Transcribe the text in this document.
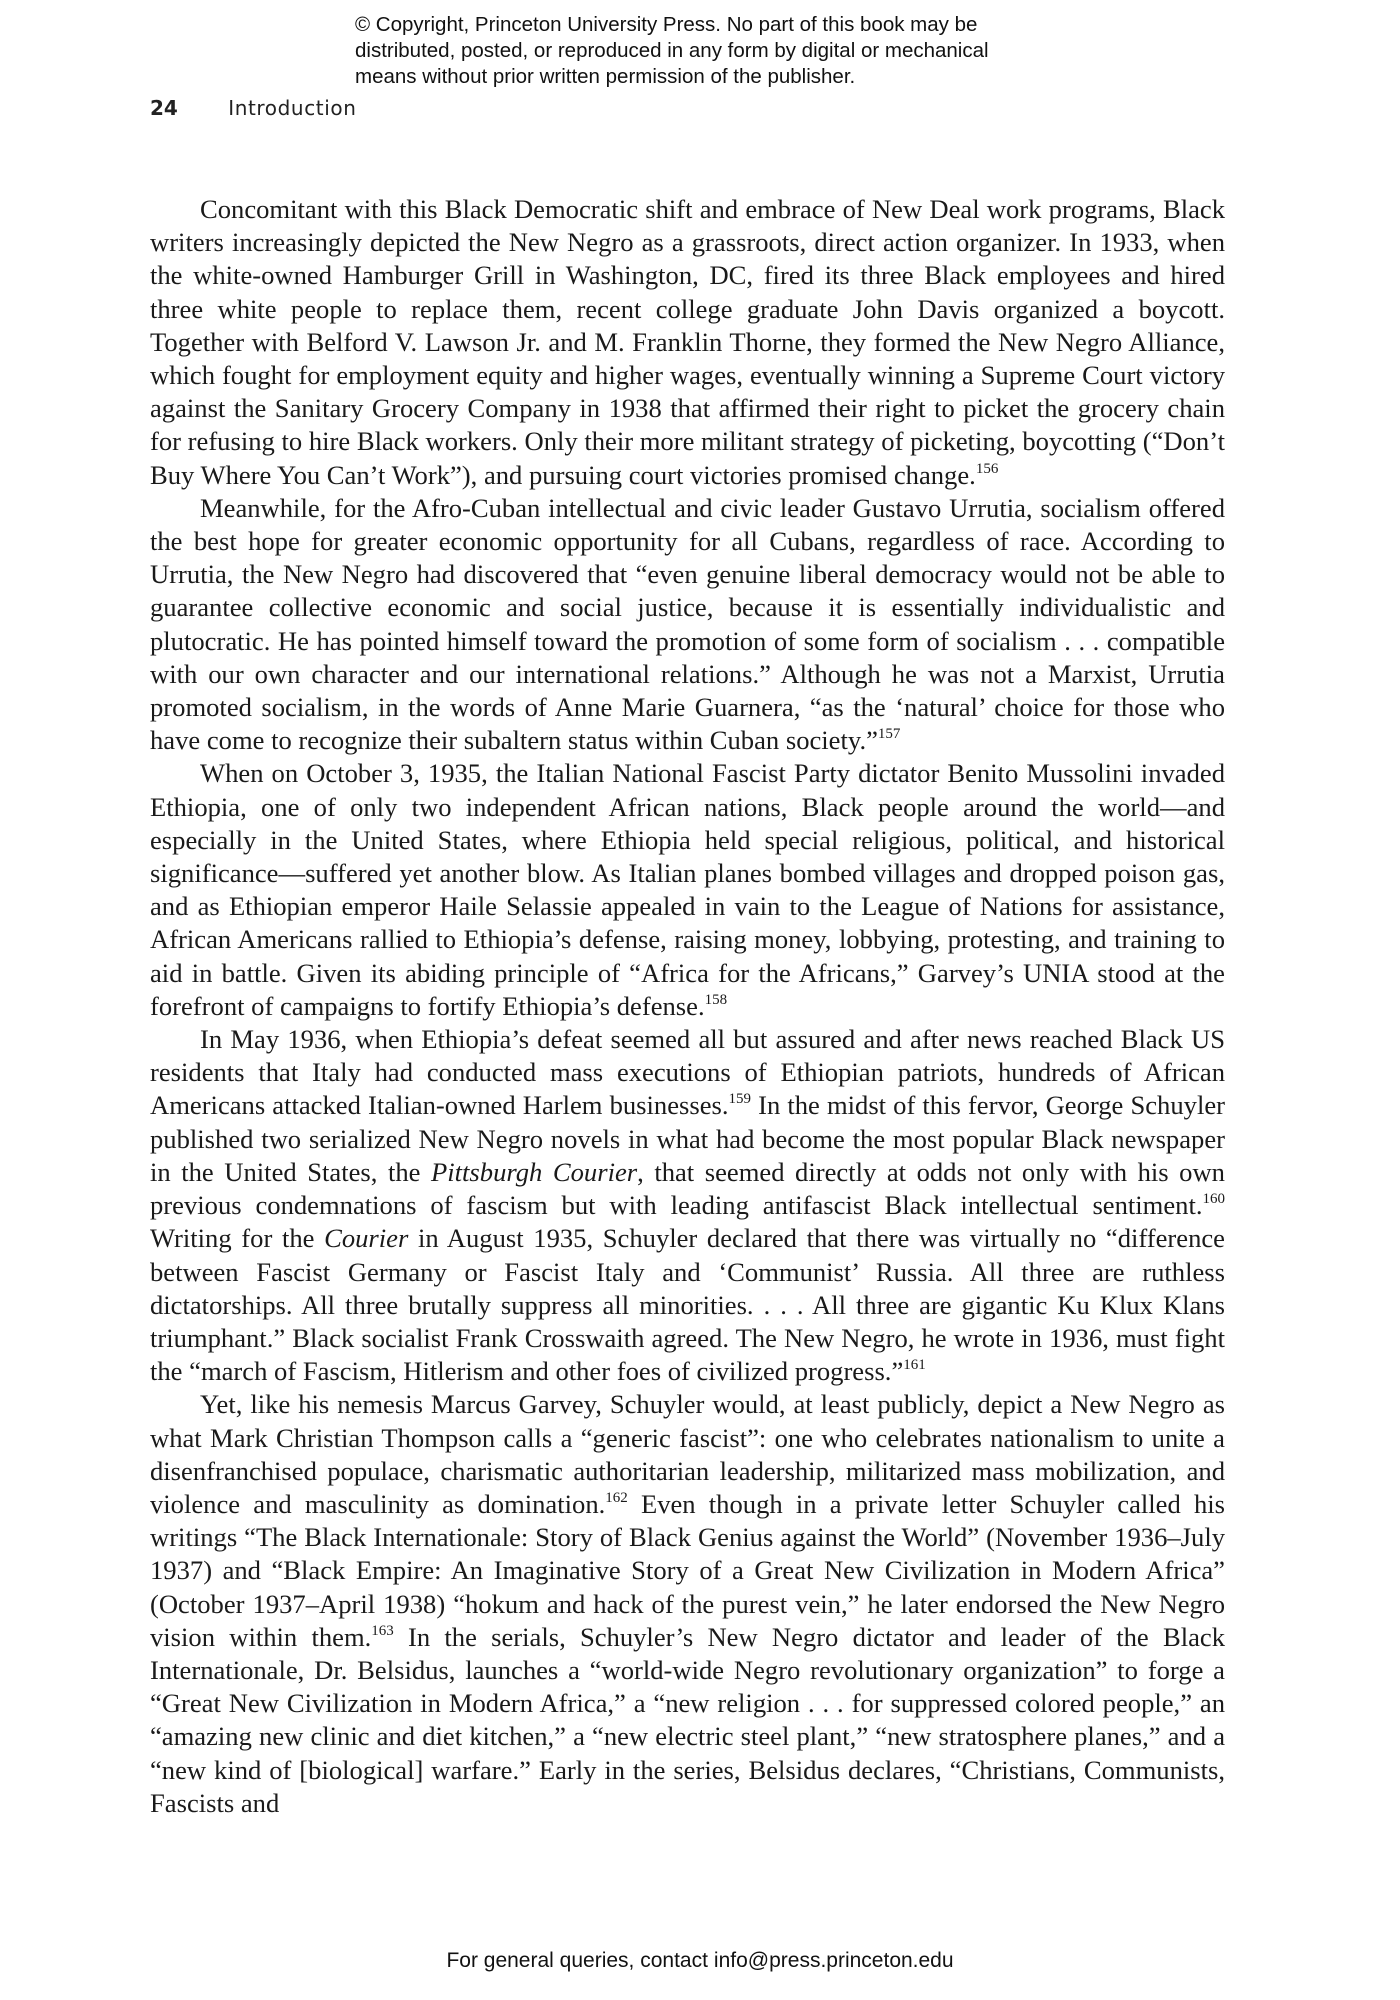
© Copyright, Princeton University Press. No part of this book may be
distributed, posted, or reproduced in any form by digital or mechanical
means without prior written permission of the publisher.
24	Introduction

Concomitant with this Black Democratic shift and embrace of New Deal work programs, Black writers increasingly depicted the New Negro as a grassroots, direct action organizer. In 1933, when the white-owned Hamburger Grill in Washington, DC, fired its three Black employees and hired three white people to replace them, recent college graduate John Davis organized a boycott. Together with Belford V. Lawson Jr. and M. Franklin Thorne, they formed the New Negro Alliance, which fought for employment equity and higher wages, eventually winning a Supreme Court victory against the Sanitary Grocery Company in 1938 that affirmed their right to picket the grocery chain for refusing to hire Black workers. Only their more militant strategy of picketing, boycotting (“Don’t Buy Where You Can’t Work”), and pursuing court victories promised change.$^{156}$

Meanwhile, for the Afro-Cuban intellectual and civic leader Gustavo Urrutia, socialism offered the best hope for greater economic opportunity for all Cubans, regardless of race. According to Urrutia, the New Negro had discovered that “even genuine liberal democracy would not be able to guarantee collective economic and social justice, because it is essentially individualistic and plutocratic. He has pointed himself toward the promotion of some form of socialism . . . compatible with our own character and our international relations.” Although he was not a Marxist, Urrutia promoted socialism, in the words of Anne Marie Guarnera, “as the ‘natural’ choice for those who have come to recognize their subaltern status within Cuban society.”$^{157}$

When on October 3, 1935, the Italian National Fascist Party dictator Benito Mussolini invaded Ethiopia, one of only two independent African nations, Black people around the world—and especially in the United States, where Ethiopia held special religious, political, and historical significance—suffered yet another blow. As Italian planes bombed villages and dropped poison gas, and as Ethiopian emperor Haile Selassie appealed in vain to the League of Nations for assistance, African Americans rallied to Ethiopia’s defense, raising money, lobbying, protesting, and training to aid in battle. Given its abiding principle of “Africa for the Africans,” Garvey’s UNIA stood at the forefront of campaigns to fortify Ethiopia’s defense.$^{158}$

In May 1936, when Ethiopia’s defeat seemed all but assured and after news reached Black US residents that Italy had conducted mass executions of Ethiopian patriots, hundreds of African Americans attacked Italian-owned Harlem businesses.$^{159}$ In the midst of this fervor, George Schuyler published two serialized New Negro novels in what had become the most popular Black newspaper in the United States, the Pittsburgh Courier, that seemed directly at odds not only with his own previous condemnations of fascism but with leading antifascist Black intellectual sentiment.$^{160}$ Writing for the Courier in August 1935, Schuyler declared that there was virtually no “difference between Fascist Germany or Fascist Italy and ‘Communist’ Russia. All three are ruthless dictatorships. All three brutally suppress all minorities. . . . All three are gigantic Ku Klux Klans triumphant.” Black socialist Frank Crosswaith agreed. The New Negro, he wrote in 1936, must fight the “march of Fascism, Hitlerism and other foes of civilized progress.”$^{161}$

Yet, like his nemesis Marcus Garvey, Schuyler would, at least publicly, depict a New Negro as what Mark Christian Thompson calls a “generic fascist”: one who celebrates nationalism to unite a disenfranchised populace, charismatic authoritarian leadership, militarized mass mobilization, and violence and masculinity as domination.$^{162}$ Even though in a private letter Schuyler called his writings “The Black Internationale: Story of Black Genius against the World” (November 1936–July 1937) and “Black Empire: An Imaginative Story of a Great New Civilization in Modern Africa” (October 1937–April 1938) “hokum and hack of the purest vein,” he later endorsed the New Negro vision within them.$^{163}$ In the serials, Schuyler’s New Negro dictator and leader of the Black Internationale, Dr. Belsidus, launches a “world-wide Negro revolutionary organization” to forge a “Great New Civilization in Modern Africa,” a “new religion . . . for suppressed colored people,” an “amazing new clinic and diet kitchen,” a “new electric steel plant,” “new stratosphere planes,” and a “new kind of [biological] warfare.” Early in the series, Belsidus declares, “Christians, Communists, Fascists and

For general queries, contact info@press.princeton.edu
